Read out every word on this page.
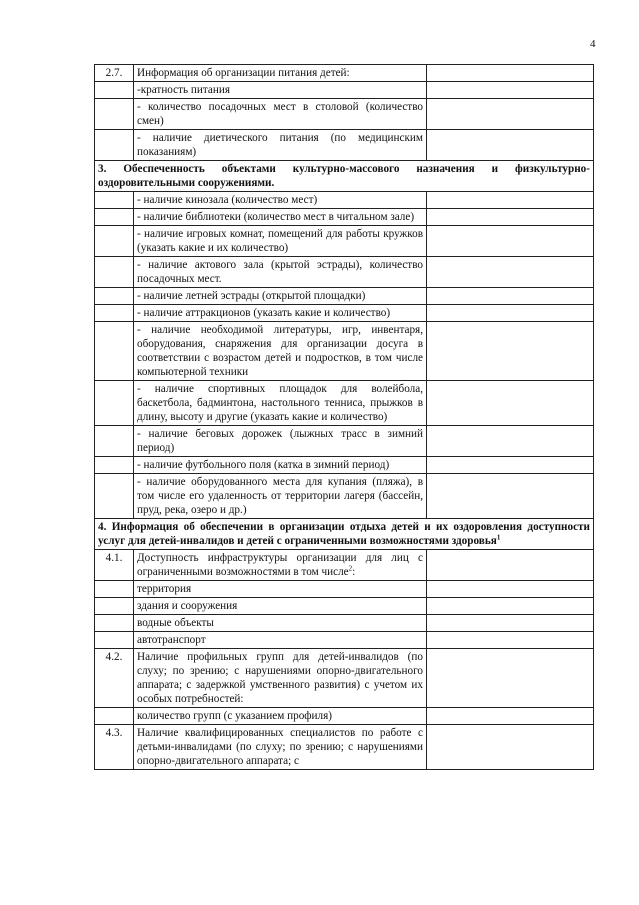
4
2.7.	Информация об организации питания детей:	
	-кратность питания	
	- количество посадочных мест в столовой (количество смен)	
	- наличие диетического питания (по медицинским показаниям)	
3. Обеспеченность объектами культурно-массового назначения и физкультурно-оздоровительными сооружениями.		
	- наличие кинозала (количество мест)	
	- наличие библиотеки (количество мест в читальном зале)	
	- наличие игровых комнат, помещений для работы кружков (указать какие и их количество)	
	- наличие актового зала (крытой эстрады), количество посадочных мест.	
	- наличие летней эстрады (открытой площадки)	
	- наличие аттракционов (указать какие и количество)	
	- наличие необходимой литературы, игр, инвентаря, оборудования, снаряжения для организации досуга в соответствии с возрастом детей и подростков, в том числе компьютерной техники	
	- наличие спортивных площадок для волейбола, баскетбола, бадминтона, настольного тенниса, прыжков в длину, высоту и другие (указать какие и количество)	
	- наличие беговых дорожек (лыжных трасс в зимний период)	
	- наличие футбольного поля (катка в зимний период)	
	- наличие оборудованного места для купания (пляжа), в том числе его удаленность от территории лагеря (бассейн, пруд, река, озеро и др.)	
4. Информация об обеспечении в организации отдыха детей и их оздоровления доступности услуг для детей-инвалидов и детей с ограниченными возможностями здоровья$^1$
4.1.	Доступность инфраструктуры организации для лиц с ограниченными возможностями в том числе$^2$:	
	территория	
	здания и сооружения	
	водные объекты	
	автотранспорт	
4.2.	Наличие профильных групп для детей-инвалидов (по слуху; по зрению; с нарушениями опорно-двигательного аппарата; с задержкой умственного развития) с учетом их особых потребностей:	
	количество групп (с указанием профиля)	
4.3.	Наличие квалифицированных специалистов по работе с детьми-инвалидами (по слуху; по зрению; с нарушениями опорно-двигательного аппарата; с	
